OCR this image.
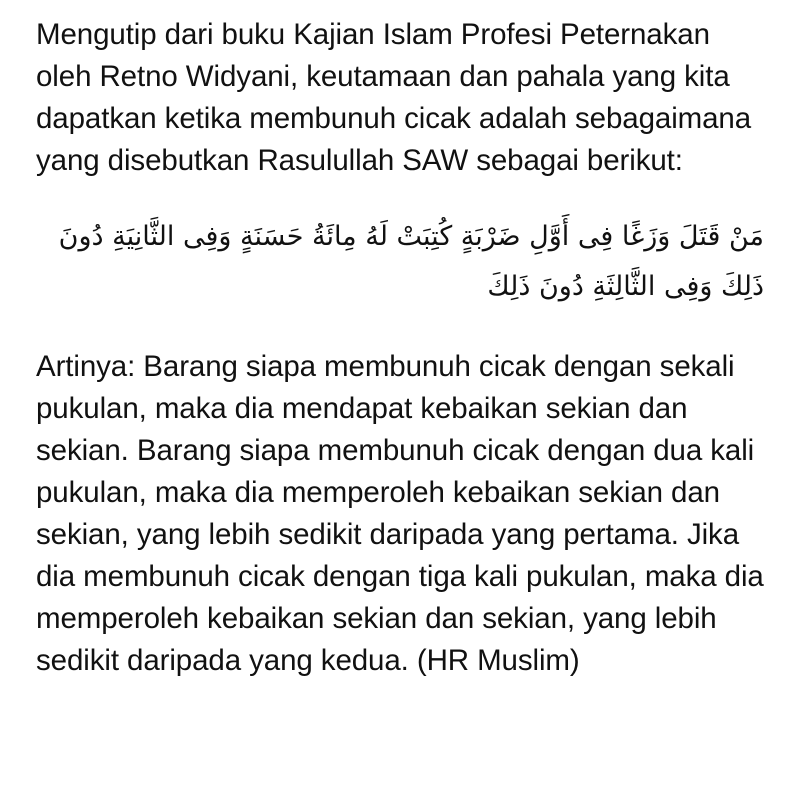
Mengutip dari buku Kajian Islam Profesi Peternakan oleh Retno Widyani, keutamaan dan pahala yang kita dapatkan ketika membunuh cicak adalah sebagaimana yang disebutkan Rasulullah SAW sebagai berikut:

مَنْ قَتَلَ وَزَغًا فِى أَوَّلِ ضَرْبَةٍ كُتِبَتْ لَهُ مِائَةُ حَسَنَةٍ وَفِى الثَّانِيَةِ دُونَ ذَلِكَ وَفِى الثَّالِثَةِ دُونَ ذَلِكَ

Artinya: Barang siapa membunuh cicak dengan sekali pukulan, maka dia mendapat kebaikan sekian dan sekian. Barang siapa membunuh cicak dengan dua kali pukulan, maka dia memperoleh kebaikan sekian dan sekian, yang lebih sedikit daripada yang pertama. Jika dia membunuh cicak dengan tiga kali pukulan, maka dia memperoleh kebaikan sekian dan sekian, yang lebih sedikit daripada yang kedua. (HR Muslim)
